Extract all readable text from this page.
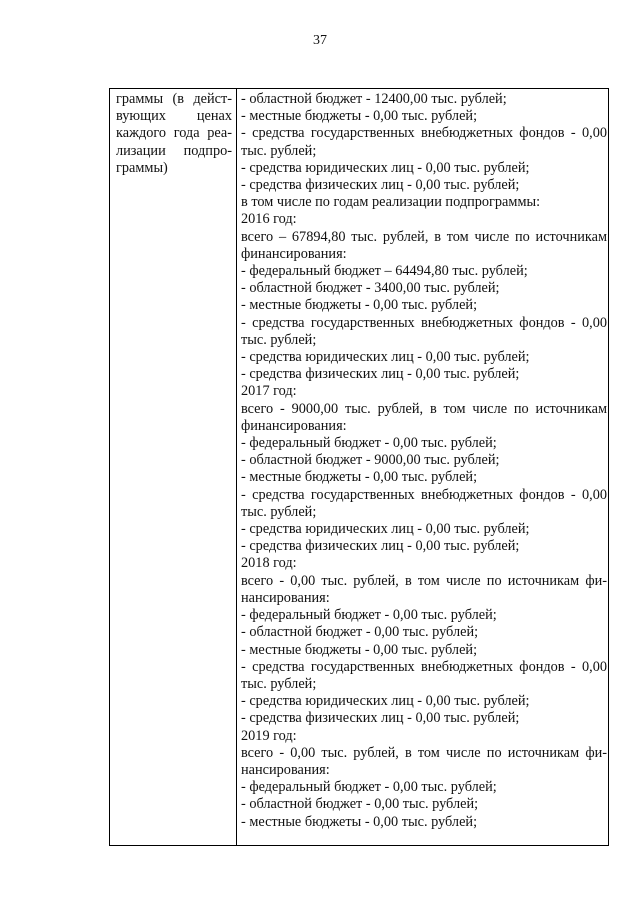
37
граммы (в дейст-
вующих ценах
каждого года реа-
лизации подпро-
граммы)
- областной бюджет - 12400,00 тыс. рублей;
- местные бюджеты - 0,00 тыс. рублей;
- средства государственных внебюджетных фондов - 0,00
тыс. рублей;
- средства юридических лиц - 0,00 тыс. рублей;
- средства физических лиц - 0,00 тыс. рублей;
в том числе по годам реализации подпрограммы:
2016 год:
всего – 67894,80 тыс. рублей, в том числе по источникам
финансирования:
- федеральный бюджет – 64494,80 тыс. рублей;
- областной бюджет - 3400,00 тыс. рублей;
- местные бюджеты - 0,00 тыс. рублей;
- средства государственных внебюджетных фондов - 0,00
тыс. рублей;
- средства юридических лиц - 0,00 тыс. рублей;
- средства физических лиц - 0,00 тыс. рублей;
2017 год:
всего - 9000,00 тыс. рублей, в том числе по источникам
финансирования:
- федеральный бюджет - 0,00 тыс. рублей;
- областной бюджет - 9000,00 тыс. рублей;
- местные бюджеты - 0,00 тыс. рублей;
- средства государственных внебюджетных фондов - 0,00
тыс. рублей;
- средства юридических лиц - 0,00 тыс. рублей;
- средства физических лиц - 0,00 тыс. рублей;
2018 год:
всего - 0,00 тыс. рублей, в том числе по источникам фи-
нансирования:
- федеральный бюджет - 0,00 тыс. рублей;
- областной бюджет - 0,00 тыс. рублей;
- местные бюджеты - 0,00 тыс. рублей;
- средства государственных внебюджетных фондов - 0,00
тыс. рублей;
- средства юридических лиц - 0,00 тыс. рублей;
- средства физических лиц - 0,00 тыс. рублей;
2019 год:
всего - 0,00 тыс. рублей, в том числе по источникам фи-
нансирования:
- федеральный бюджет - 0,00 тыс. рублей;
- областной бюджет - 0,00 тыс. рублей;
- местные бюджеты - 0,00 тыс. рублей;
